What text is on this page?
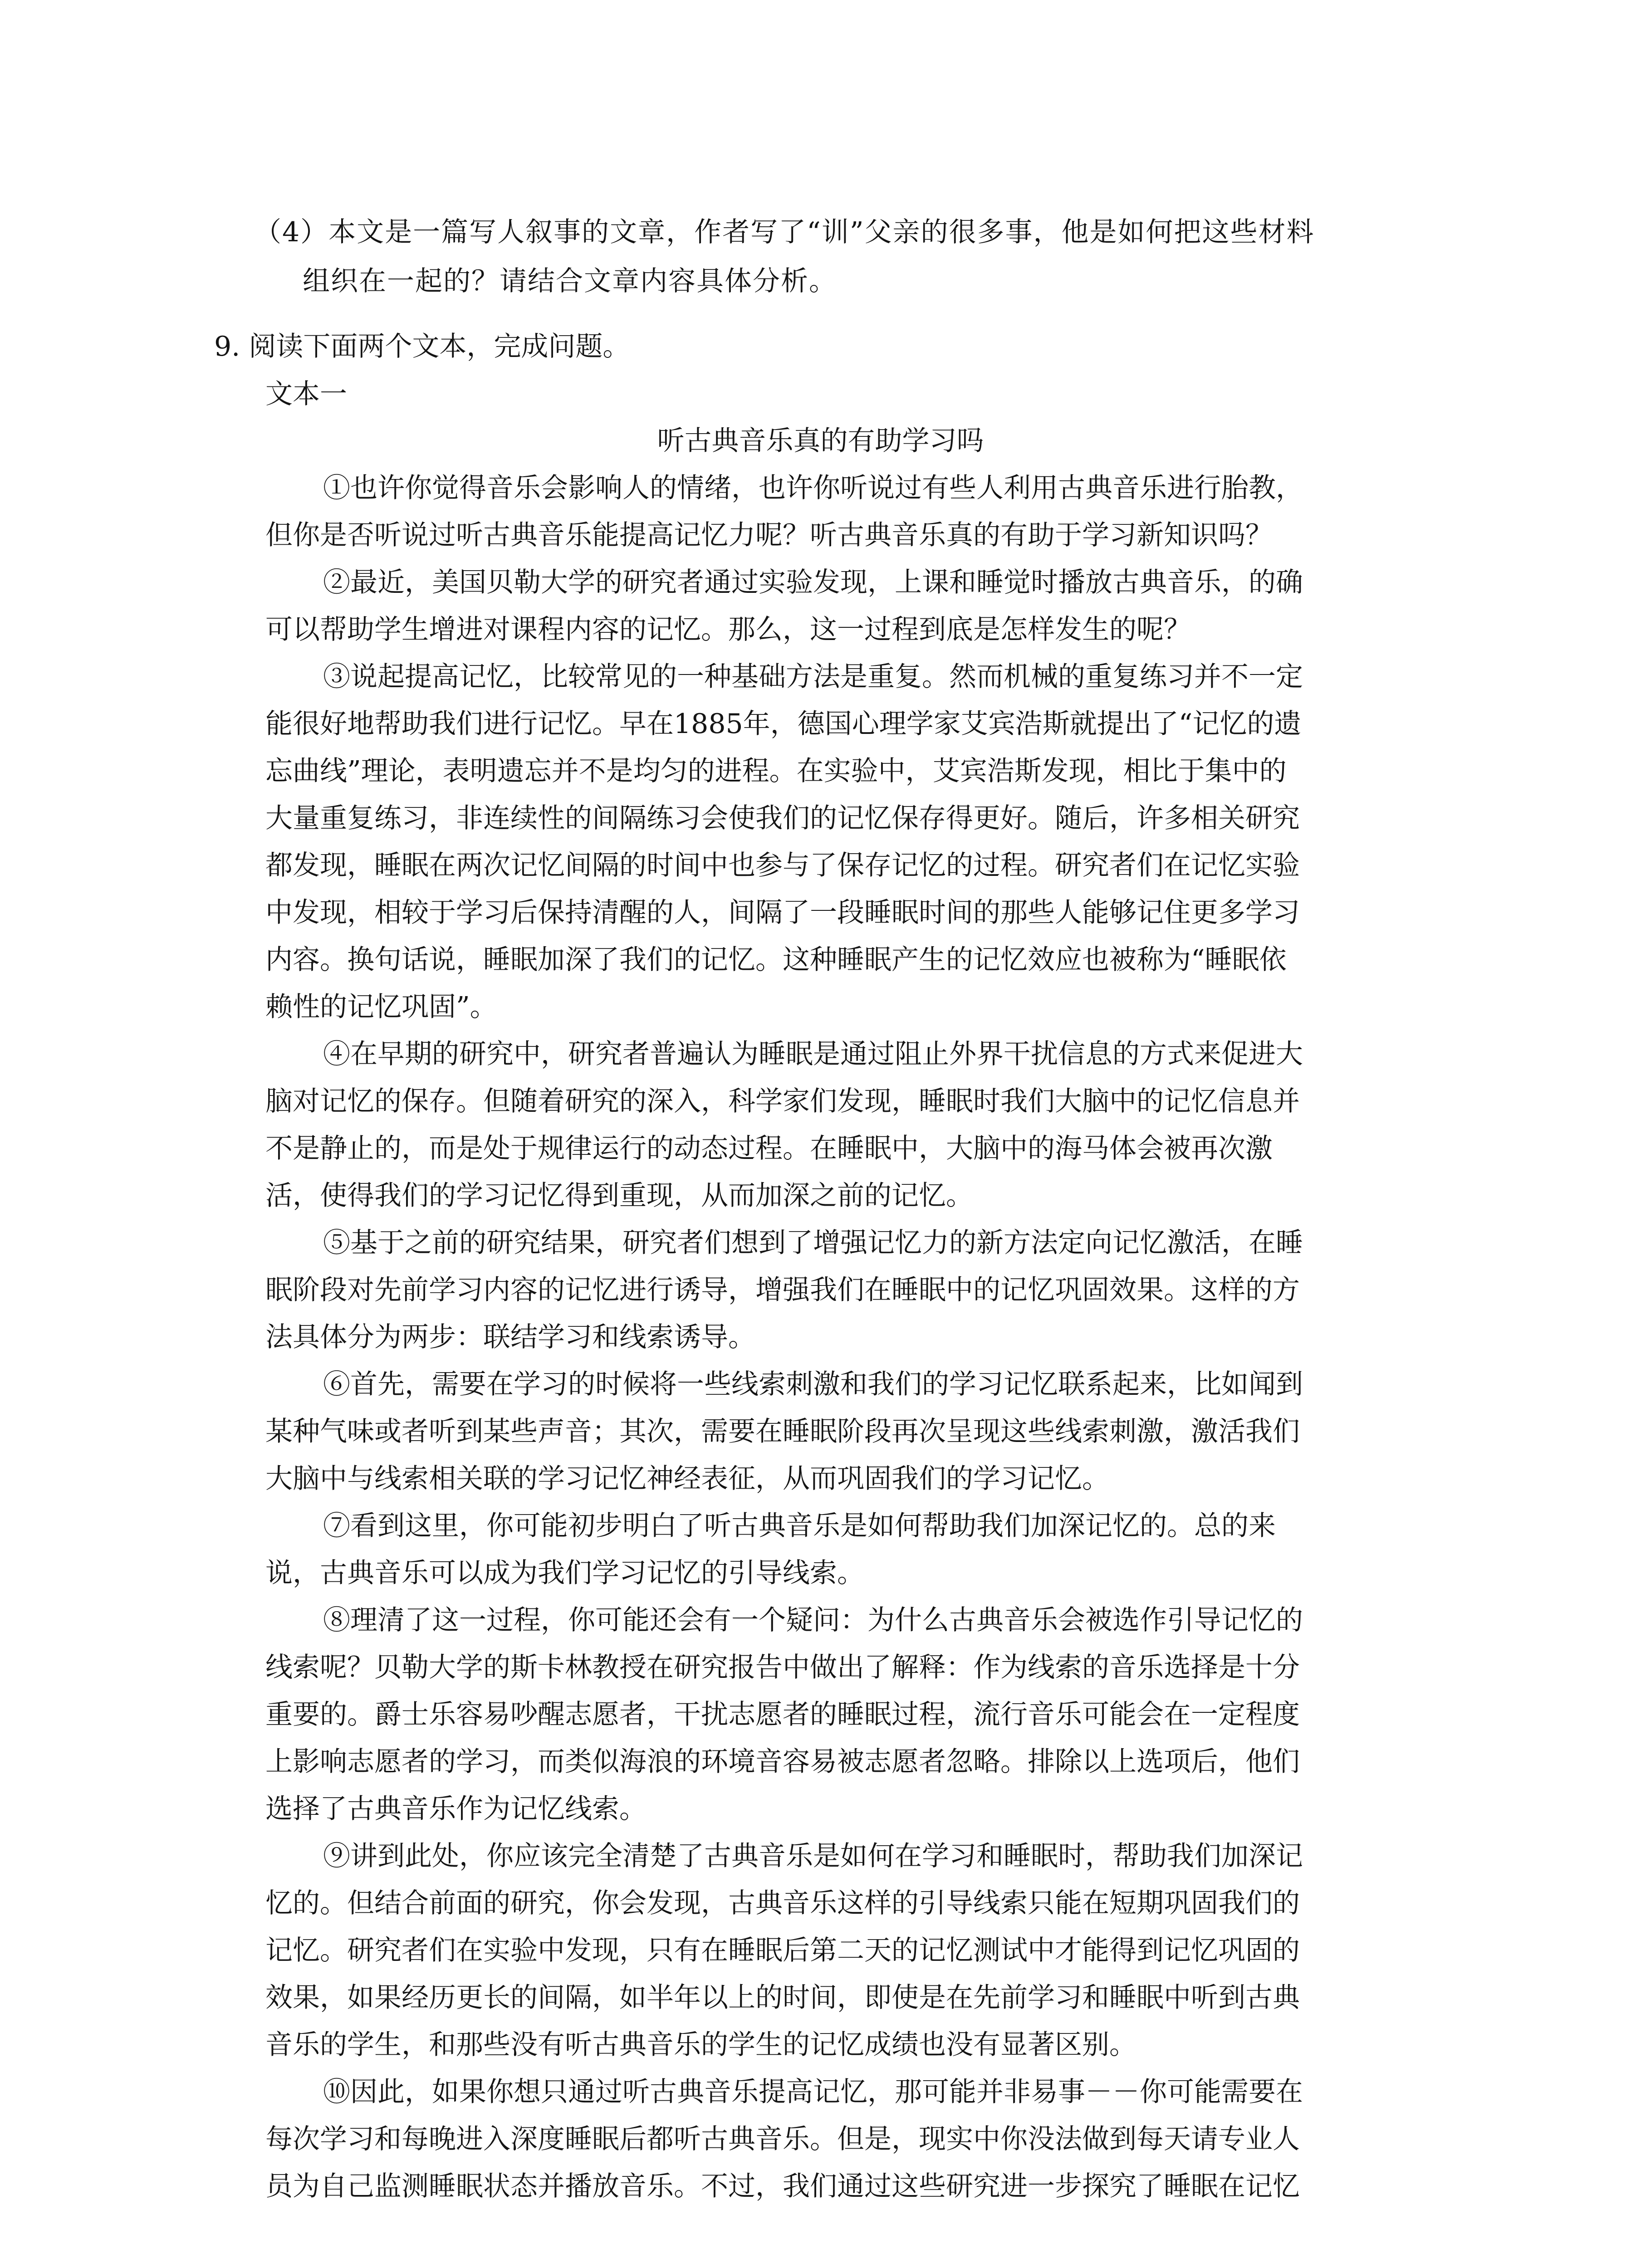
（4）本文是一篇写人叙事的文章，作者写了“训”父亲的很多事，他是如何把这些材料
组织在一起的？请结合文章内容具体分析。
9. 阅读下面两个文本，完成问题。
文本一
听古典音乐真的有助学习吗
①也许你觉得音乐会影响人的情绪，也许你听说过有些人利用古典音乐进行胎教，
但你是否听说过听古典音乐能提高记忆力呢？听古典音乐真的有助于学习新知识吗？
②最近，美国贝勒大学的研究者通过实验发现，上课和睡觉时播放古典音乐，的确
可以帮助学生增进对课程内容的记忆。那么，这一过程到底是怎样发生的呢？
③说起提高记忆，比较常见的一种基础方法是重复。然而机械的重复练习并不一定
能很好地帮助我们进行记忆。早在1885年，德国心理学家艾宾浩斯就提出了“记忆的遗
忘曲线”理论，表明遗忘并不是均匀的进程。在实验中，艾宾浩斯发现，相比于集中的
大量重复练习，非连续性的间隔练习会使我们的记忆保存得更好。随后，许多相关研究
都发现，睡眠在两次记忆间隔的时间中也参与了保存记忆的过程。研究者们在记忆实验
中发现，相较于学习后保持清醒的人，间隔了一段睡眠时间的那些人能够记住更多学习
内容。换句话说，睡眠加深了我们的记忆。这种睡眠产生的记忆效应也被称为“睡眠依
赖性的记忆巩固”。
④在早期的研究中，研究者普遍认为睡眠是通过阻止外界干扰信息的方式来促进大
脑对记忆的保存。但随着研究的深入，科学家们发现，睡眠时我们大脑中的记忆信息并
不是静止的，而是处于规律运行的动态过程。在睡眠中，大脑中的海马体会被再次激
活，使得我们的学习记忆得到重现，从而加深之前的记忆。
⑤基于之前的研究结果，研究者们想到了增强记忆力的新方法定向记忆激活，在睡
眠阶段对先前学习内容的记忆进行诱导，增强我们在睡眠中的记忆巩固效果。这样的方
法具体分为两步：联结学习和线索诱导。
⑥首先，需要在学习的时候将一些线索刺激和我们的学习记忆联系起来，比如闻到
某种气味或者听到某些声音；其次，需要在睡眠阶段再次呈现这些线索刺激，激活我们
大脑中与线索相关联的学习记忆神经表征，从而巩固我们的学习记忆。
⑦看到这里，你可能初步明白了听古典音乐是如何帮助我们加深记忆的。总的来
说，古典音乐可以成为我们学习记忆的引导线索。
⑧理清了这一过程，你可能还会有一个疑问：为什么古典音乐会被选作引导记忆的
线索呢？贝勒大学的斯卡林教授在研究报告中做出了解释：作为线索的音乐选择是十分
重要的。爵士乐容易吵醒志愿者，干扰志愿者的睡眠过程，流行音乐可能会在一定程度
上影响志愿者的学习，而类似海浪的环境音容易被志愿者忽略。排除以上选项后，他们
选择了古典音乐作为记忆线索。
⑨讲到此处，你应该完全清楚了古典音乐是如何在学习和睡眠时，帮助我们加深记
忆的。但结合前面的研究，你会发现，古典音乐这样的引导线索只能在短期巩固我们的
记忆。研究者们在实验中发现，只有在睡眠后第二天的记忆测试中才能得到记忆巩固的
效果，如果经历更长的间隔，如半年以上的时间，即使是在先前学习和睡眠中听到古典
音乐的学生，和那些没有听古典音乐的学生的记忆成绩也没有显著区别。
⑩因此，如果你想只通过听古典音乐提高记忆，那可能并非易事－－你可能需要在
每次学习和每晚进入深度睡眠后都听古典音乐。但是，现实中你没法做到每天请专业人
员为自己监测睡眠状态并播放音乐。不过，我们通过这些研究进一步探究了睡眠在记忆
